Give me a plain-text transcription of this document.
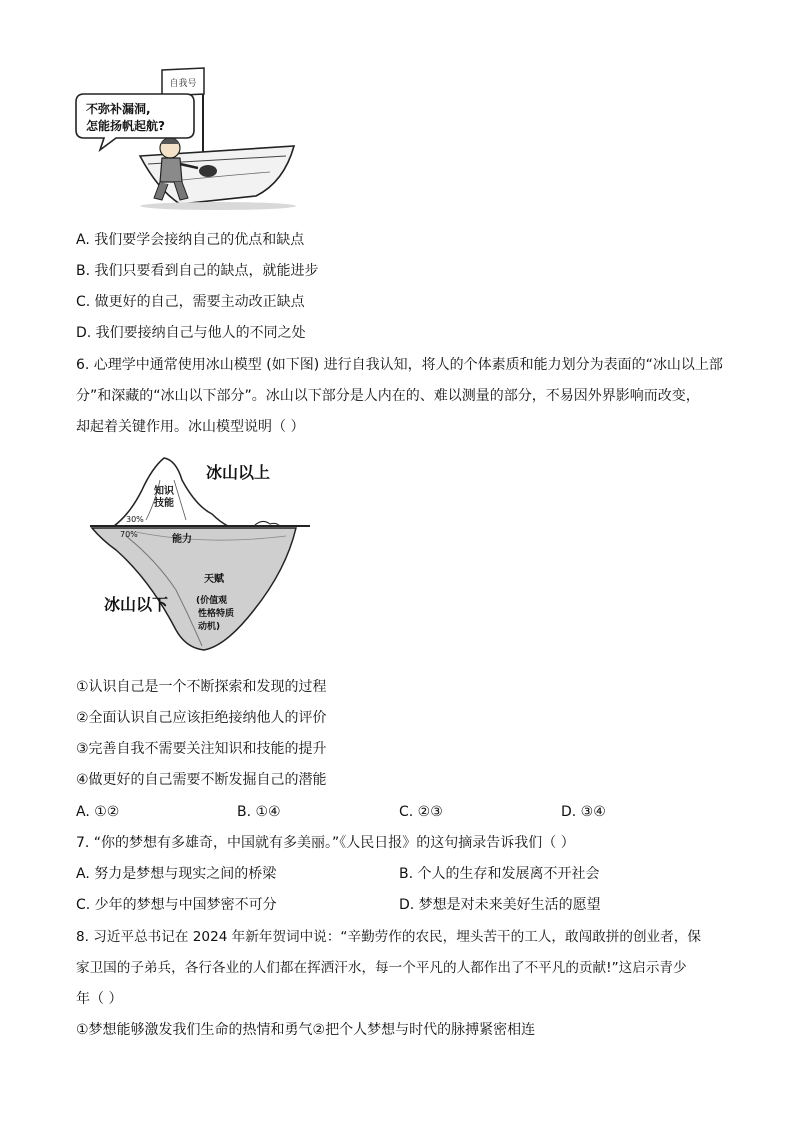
自我号
不弥补漏洞,
怎能扬帆起航?
A. 我们要学会接纳自己的优点和缺点
B. 我们只要看到自己的缺点，就能进步
C. 做更好的自己，需要主动改正缺点
D. 我们要接纳自己与他人的不同之处
6. 心理学中通常使用冰山模型 (如下图) 进行自我认知，将人的个体素质和能力划分为表面的“冰山以上部
分”和深藏的“冰山以下部分”。冰山以下部分是人内在的、难以测量的部分，不易因外界影响而改变，
却起着关键作用。冰山模型说明（ ）
冰山以上
知识
技能
30%
70%	能力
天赋
(价值观
性格特质
动机)
冰山以下
①认识自己是一个不断探索和发现的过程
②全面认识自己应该拒绝接纳他人的评价
③完善自我不需要关注知识和技能的提升
④做更好的自己需要不断发掘自己的潜能
A. ①②	B. ①④	C. ②③	D. ③④
7. “你的梦想有多雄奇，中国就有多美丽。”《人民日报》的这句摘录告诉我们（ ）
A. 努力是梦想与现实之间的桥梁	B. 个人的生存和发展离不开社会
C. 少年的梦想与中国梦密不可分	D. 梦想是对未来美好生活的愿望
8. 习近平总书记在 2024 年新年贺词中说：“辛勤劳作的农民，埋头苦干的工人，敢闯敢拼的创业者，保
家卫国的子弟兵，各行各业的人们都在挥洒汗水，每一个平凡的人都作出了不平凡的贡献!”这启示青少
年（ ）
①梦想能够激发我们生命的热情和勇气②把个人梦想与时代的脉搏紧密相连
